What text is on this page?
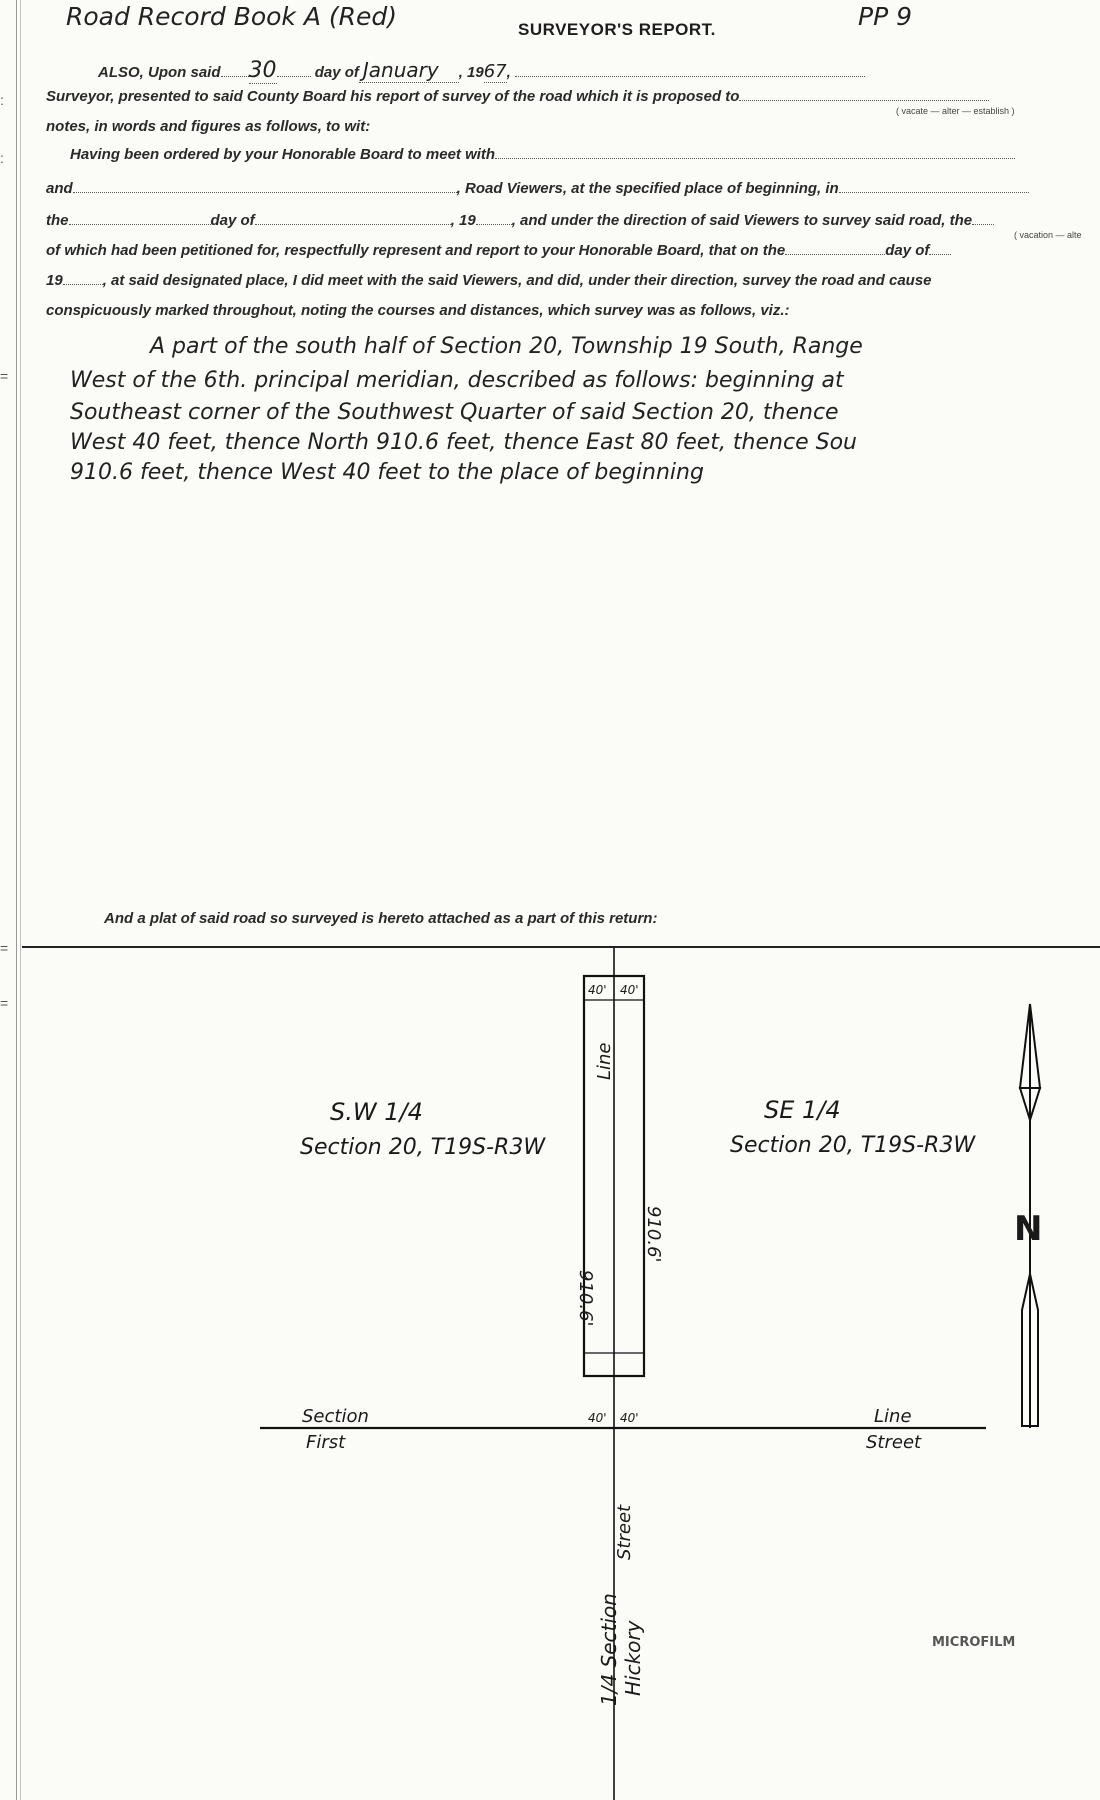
:
:
=
=
=
Road Record Book A (Red)	SURVEYOR'S REPORT.	PP 9
ALSO, Upon said 30	day of January , 1967,
Surveyor, presented to said County Board his report of survey of the road which it is proposed to
( vacate — alter — establish )
notes, in words and figures as follows, to wit:
Having been ordered by your Honorable Board to meet with
and	, Road Viewers, at the specified place of beginning, in
the	day of	, 19 , and under the direction of said Viewers to survey said road, the
( vacation — alte
of which had been petitioned for, respectfully represent and report to your Honorable Board, that on the	day of
19	, at said designated place, I did meet with the said Viewers, and did, under their direction, survey the road and cause
conspicuously marked throughout, noting the courses and distances, which survey was as follows, viz.:
A part of the south half of Section 20, Township 19 South, Range
West of the 6th. principal meridian, described as follows: beginning at
Southeast corner of the Southwest Quarter of said Section 20, thence
West 40 feet, thence North 910.6 feet, thence East 80 feet, thence Sou
910.6 feet, thence West 40 feet to the place of beginning
And a plat of said road so surveyed is hereto attached as a part of this return:
40' 40'
40' 40'
910.6'
910.6'
Line
S.W 1/4
Section 20, T19S-R3W
SE 1/4
Section 20, T19S-R3W
Section
First
Line
Street
Street
1/4 Section Hickory
N
MICROFILM
